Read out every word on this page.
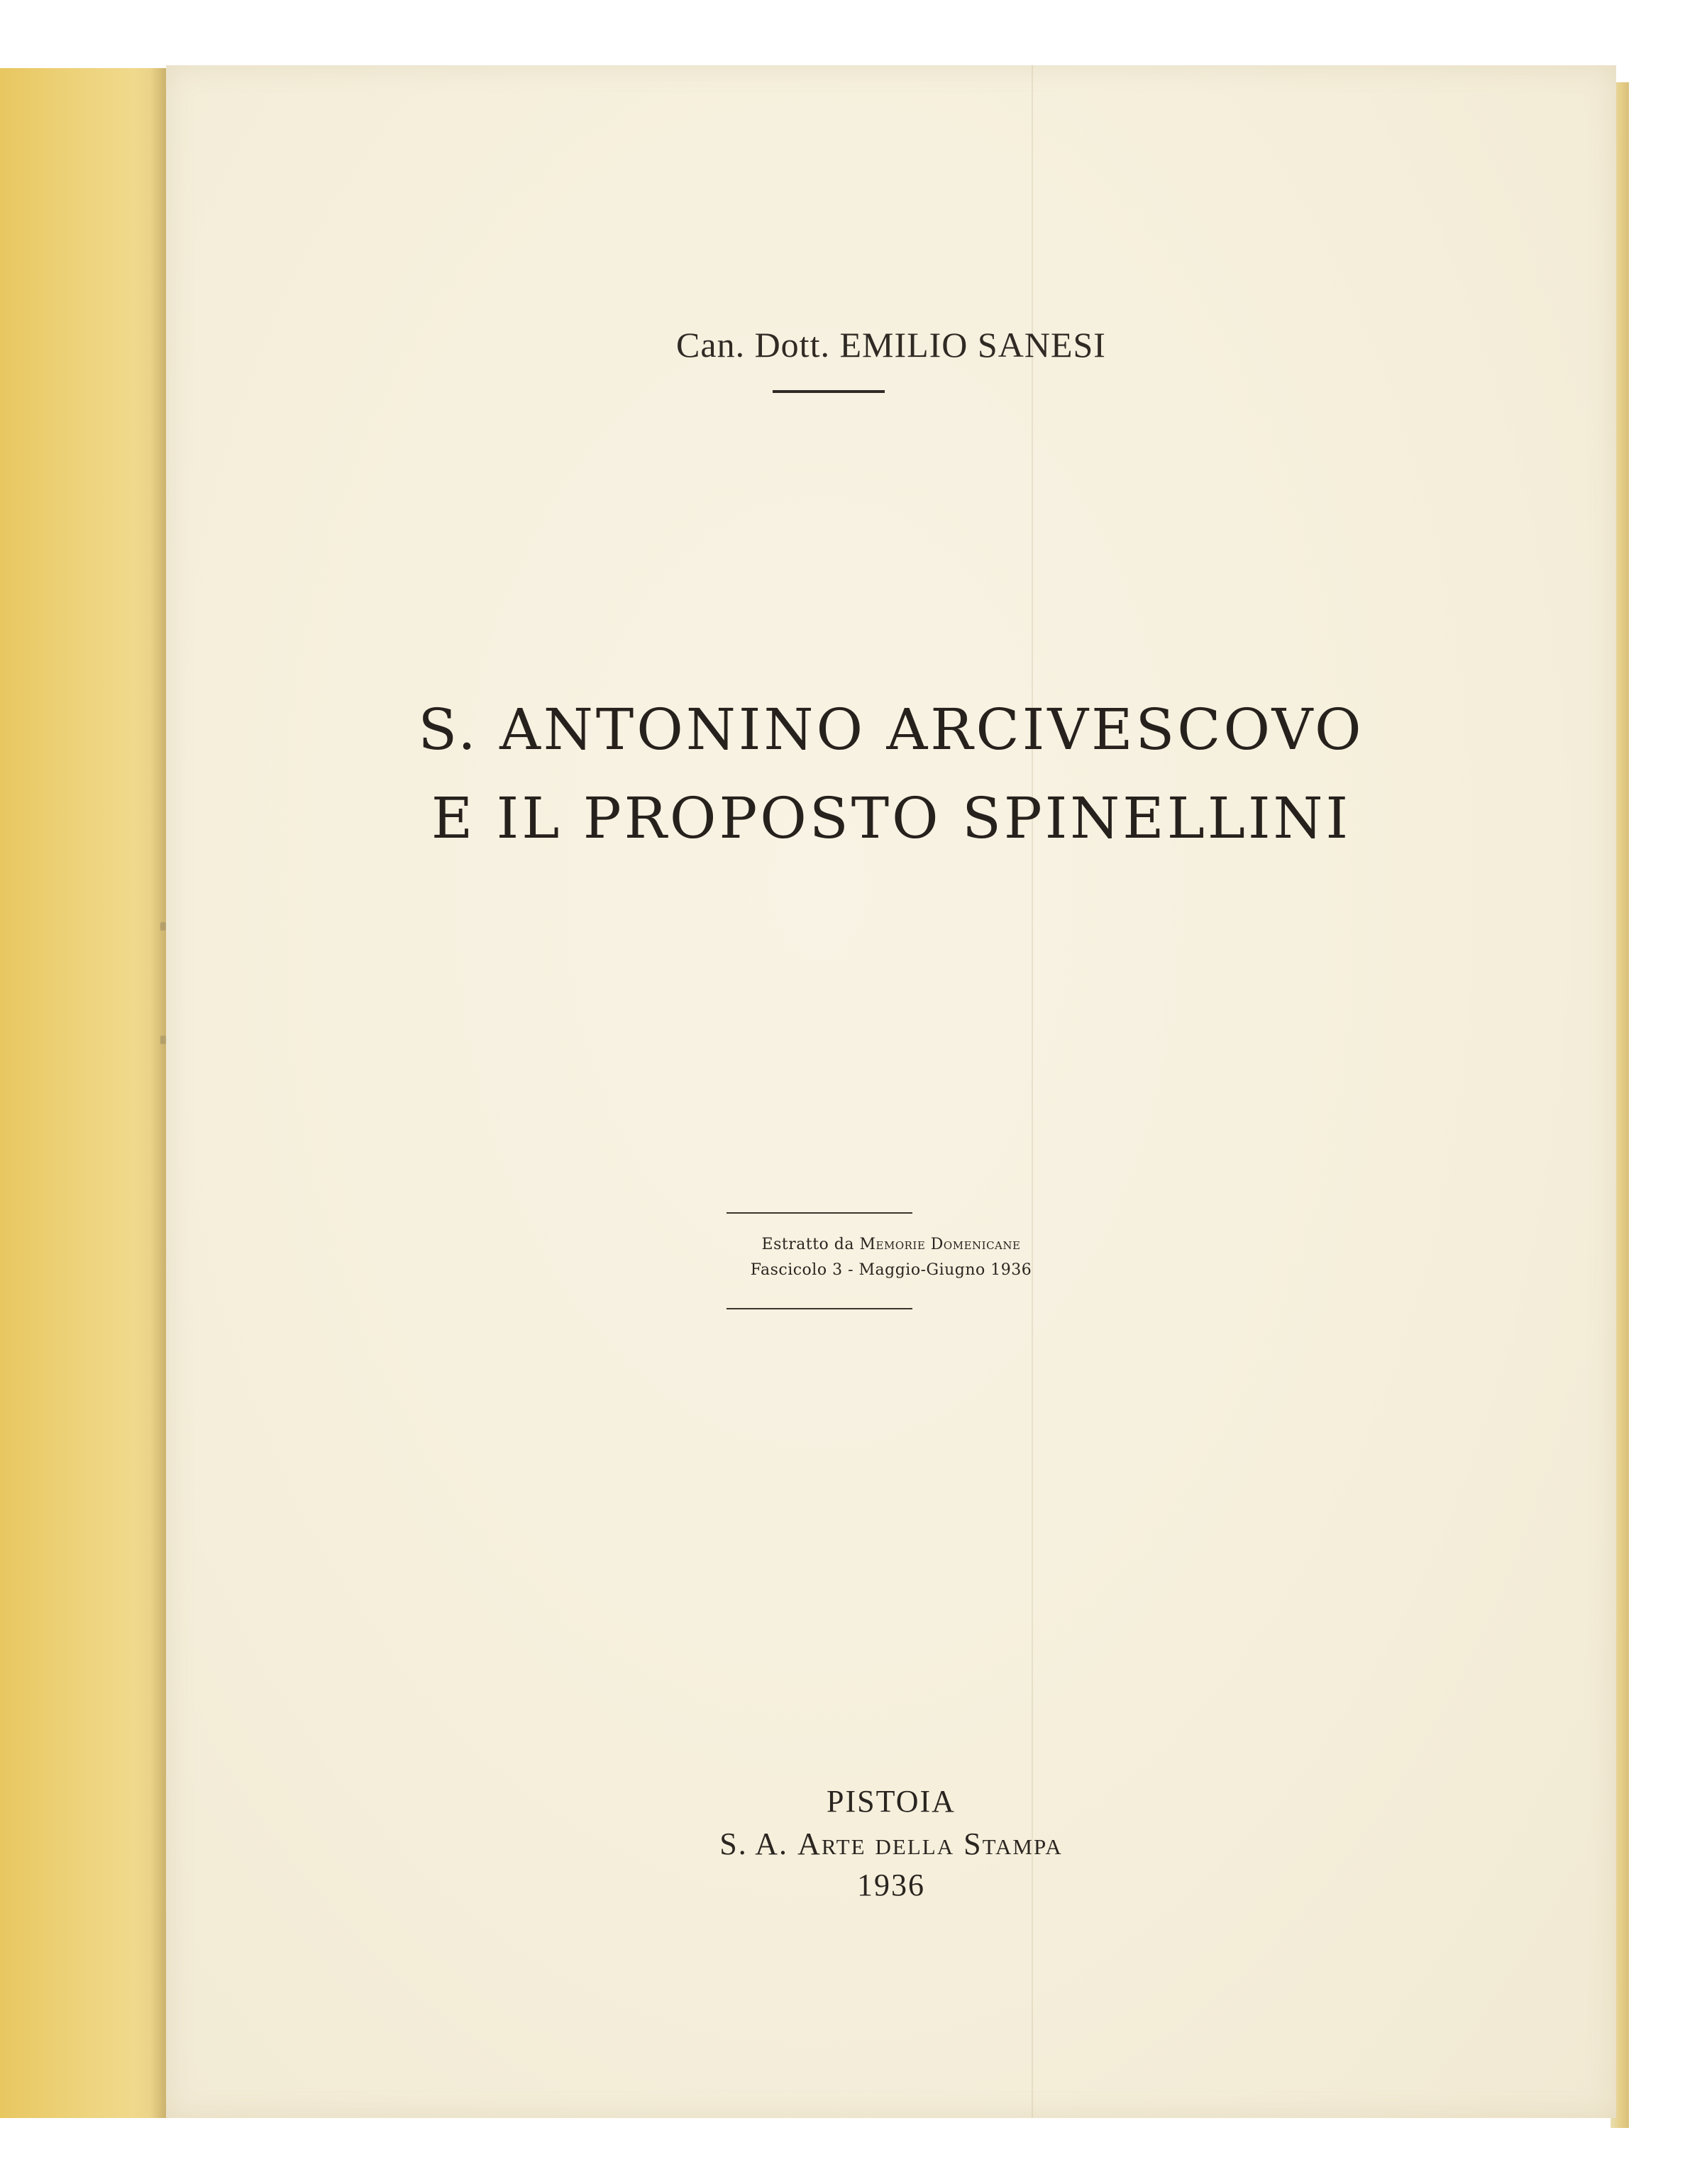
Can. Dott. EMILIO SANESI
S. ANTONINO ARCIVESCOVO
E IL PROPOSTO SPINELLINI
Estratto da Memorie Domenicane
Fascicolo 3 - Maggio-Giugno 1936
PISTOIA
S. A. Arte della Stampa
1936
